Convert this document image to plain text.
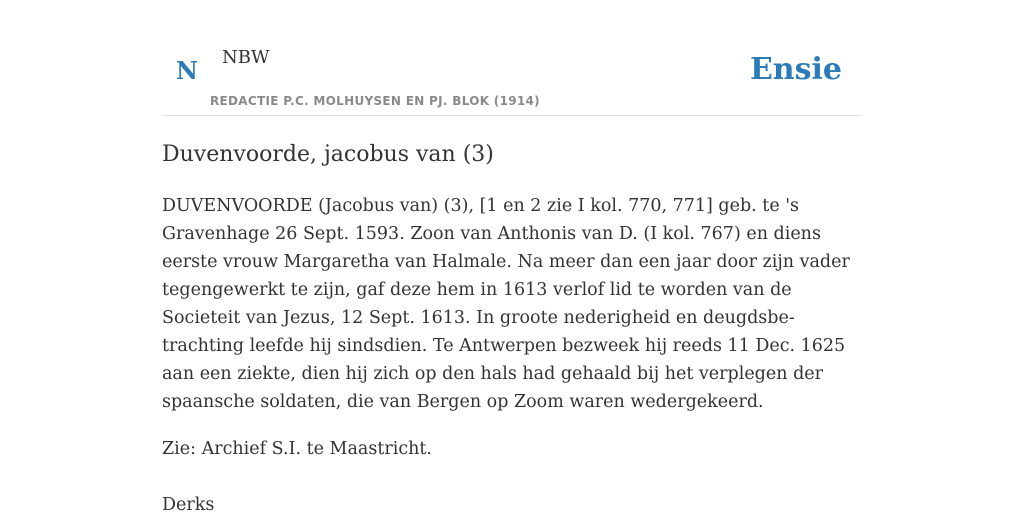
N NBW
REDACTIE P.C. MOLHUYSEN EN PJ. BLOK (1914)
Ensie
Duvenvoorde, jacobus van (3)

DUVENVOORDE (Jacobus van) (3), [1 en 2 zie I kol. 770, 771] geb. te 's Gravenhage 26 Sept. 1593. Zoon van Anthonis van D. (I kol. 767) en diens eerste vrouw Margaretha van Halmale. Na meer dan een jaar door zijn vader tegengewerkt te zijn, gaf deze hem in 1613 verlof lid te worden van de Societeit van Jezus, 12 Sept. 1613. In groote nederigheid en deugdsbe-trachting leefde hij sindsdien. Te Antwerpen bezweek hij reeds 11 Dec. 1625 aan een ziekte, dien hij zich op den hals had gehaald bij het verplegen der spaansche soldaten, die van Bergen op Zoom waren wedergekeerd.

Zie: Archief S.I. te Maastricht.

Derks
